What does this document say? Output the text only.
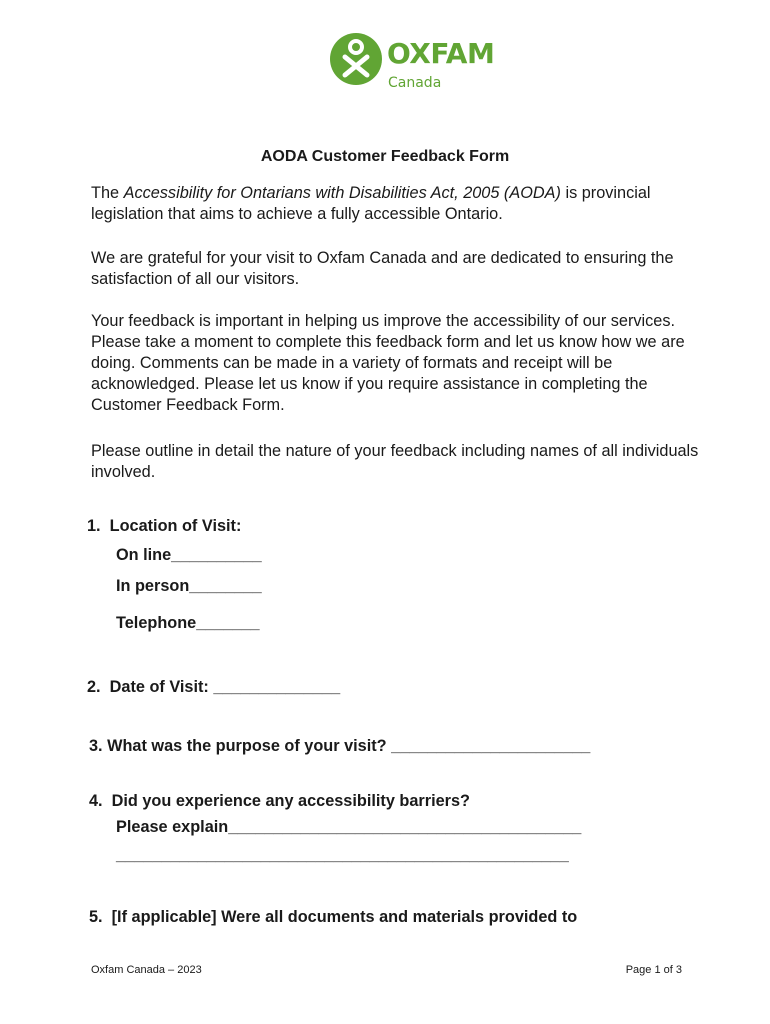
OXFAM
Canada
AODA Customer Feedback Form

The Accessibility for Ontarians with Disabilities Act, 2005 (AODA) is provincial legislation that aims to achieve a fully accessible Ontario.

We are grateful for your visit to Oxfam Canada and are dedicated to ensuring the satisfaction of all our visitors.

Your feedback is important in helping us improve the accessibility of our services. Please take a moment to complete this feedback form and let us know how we are doing. Comments can be made in a variety of formats and receipt will be acknowledged. Please let us know if you require assistance in completing the Customer Feedback Form.

Please outline in detail the nature of your feedback including names of all individuals involved.

1.  Location of Visit:
On line__________
In person________
Telephone_______
2.  Date of Visit: ______________
3. What was the purpose of your visit? ______________________
4.  Did you experience any accessibility barriers?
Please explain_______________________________________
__________________________________________________
5.  [If applicable] Were all documents and materials provided to
Oxfam Canada – 2023	Page 1 of 3
